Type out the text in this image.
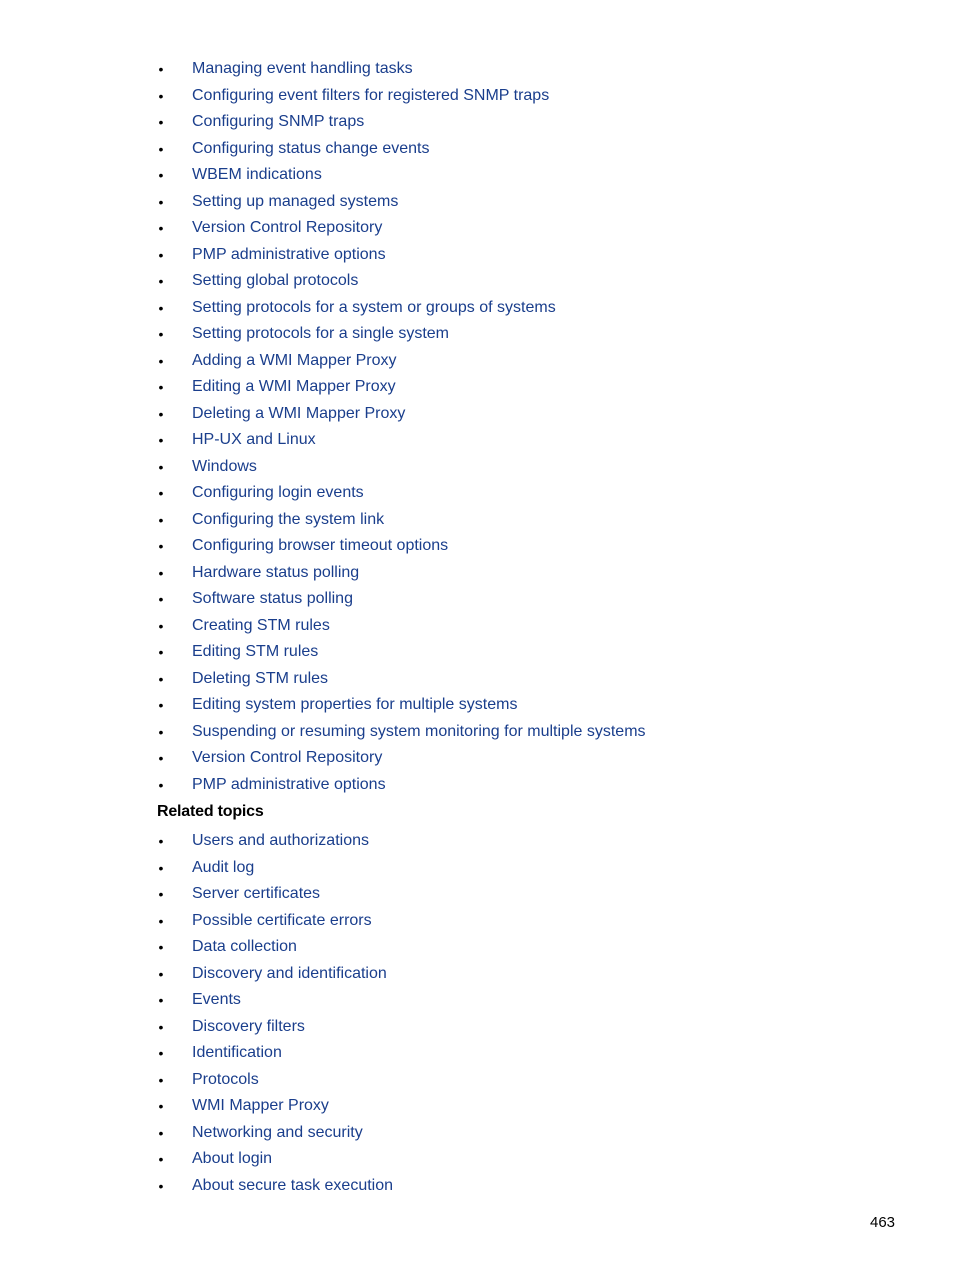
• Managing event handling tasks
• Configuring event filters for registered SNMP traps
• Configuring SNMP traps
• Configuring status change events
• WBEM indications
• Setting up managed systems
• Version Control Repository
• PMP administrative options
• Setting global protocols
• Setting protocols for a system or groups of systems
• Setting protocols for a single system
• Adding a WMI Mapper Proxy
• Editing a WMI Mapper Proxy
• Deleting a WMI Mapper Proxy
• HP-UX and Linux
• Windows
• Configuring login events
• Configuring the system link
• Configuring browser timeout options
• Hardware status polling
• Software status polling
• Creating STM rules
• Editing STM rules
• Deleting STM rules
• Editing system properties for multiple systems
• Suspending or resuming system monitoring for multiple systems
• Version Control Repository
• PMP administrative options
Related topics
• Users and authorizations
• Audit log
• Server certificates
• Possible certificate errors
• Data collection
• Discovery and identification
• Events
• Discovery filters
• Identification
• Protocols
• WMI Mapper Proxy
• Networking and security
• About login
• About secure task execution
463
